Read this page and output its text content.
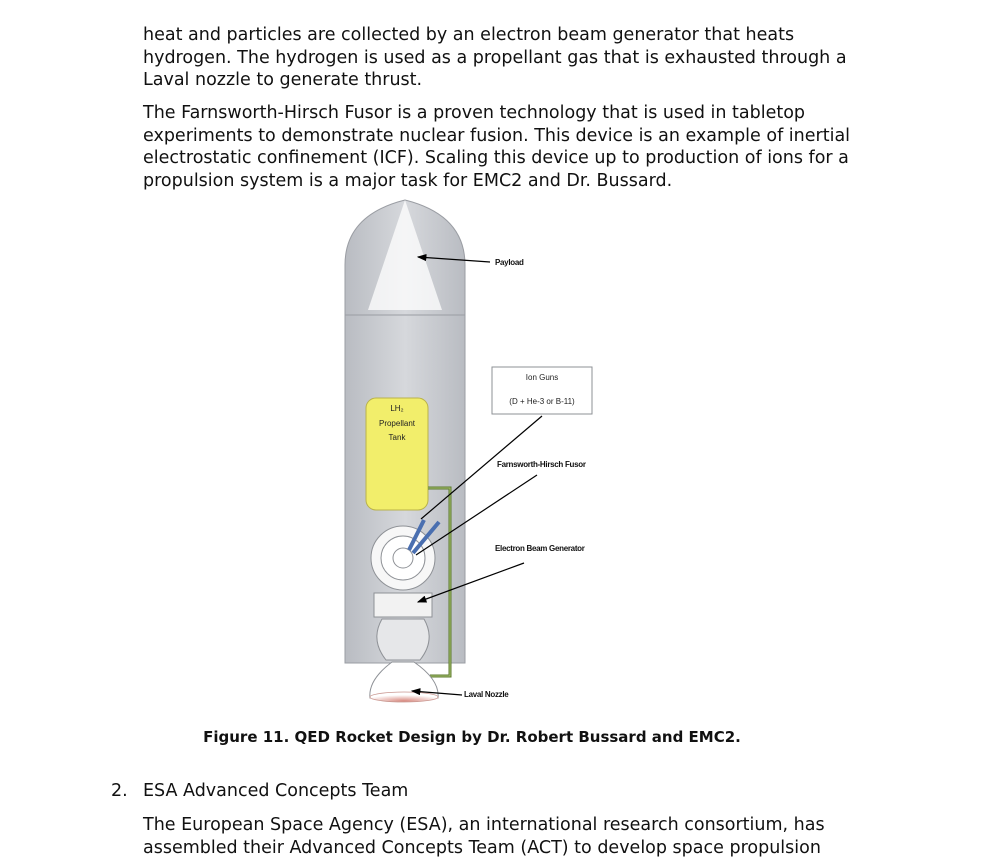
heat and particles are collected by an electron beam generator that heats
hydrogen. The hydrogen is used as a propellant gas that is exhausted through a
Laval nozzle to generate thrust.
The Farnsworth-Hirsch Fusor is a proven technology that is used in tabletop
experiments to demonstrate nuclear fusion. This device is an example of inertial
electrostatic confinement (ICF). Scaling this device up to production of ions for a
propulsion system is a major task for EMC2 and Dr. Bussard.
LH₂
Propellant
Tank
Ion Guns
(D + He-3 or B-11)
Payload
Farnsworth-Hirsch Fusor
Electron Beam Generator
Laval Nozzle

Figure 11. QED Rocket Design by Dr. Robert Bussard and EMC2.

2. ESA Advanced Concepts Team
The European Space Agency (ESA), an international research consortium, has
assembled their Advanced Concepts Team (ACT) to develop space propulsion
